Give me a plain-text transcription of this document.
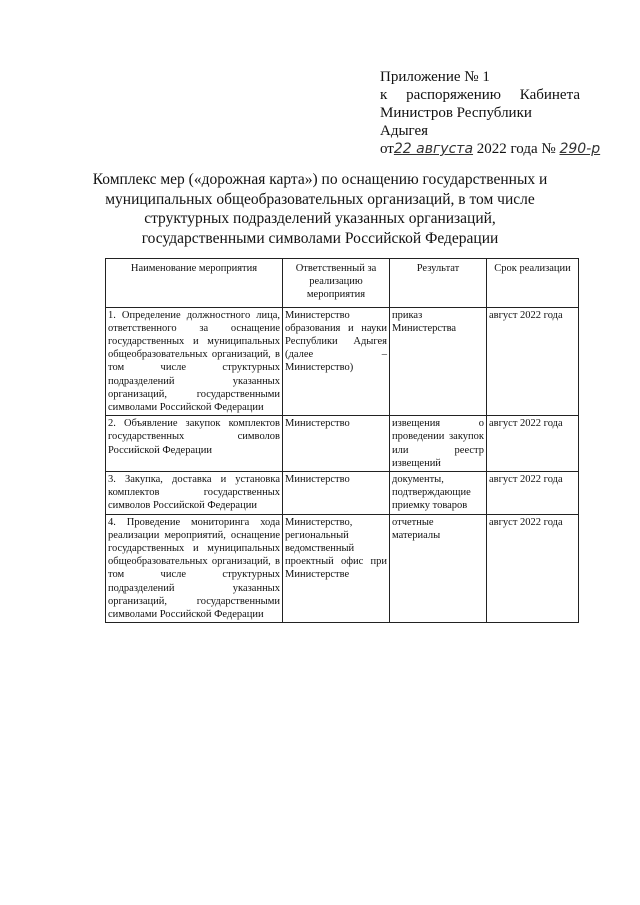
Приложение № 1
к распоряжению Кабинета
Министров Республики Адыгея
от22 августа 2022 года № 290-р
Комплекс мер («дорожная карта») по оснащению государственных и муниципальных общеобразовательных организаций, в том числе структурных подразделений указанных организаций, государственными символами Российской Федерации
Наименование мероприятия	Ответственный за реализацию мероприятия	Результат	Срок реализации
1. Определение должностного лица, ответственного за оснащение государственных и муниципальных общеобразовательных организаций, в том числе структурных подразделений указанных организаций, государственными символами Российской Федерации	Министерство образования и науки Республики Адыгея (далее – Министерство)	приказ Министерства	август 2022 года
2. Объявление закупок комплектов государственных символов Российской Федерации	Министерство	извещения о проведении закупок или реестр извещений	август 2022 года
3. Закупка, доставка и установка комплектов государственных символов Российской Федерации	Министерство	документы, подтверждающие приемку товаров	август 2022 года
4. Проведение мониторинга хода реализации мероприятий, оснащение государственных и муниципальных общеобразовательных организаций, в том числе структурных подразделений указанных организаций, государственными символами Российской Федерации	Министерство, региональный ведомственный проектный офис при Министерстве	отчетные материалы	август 2022 года
